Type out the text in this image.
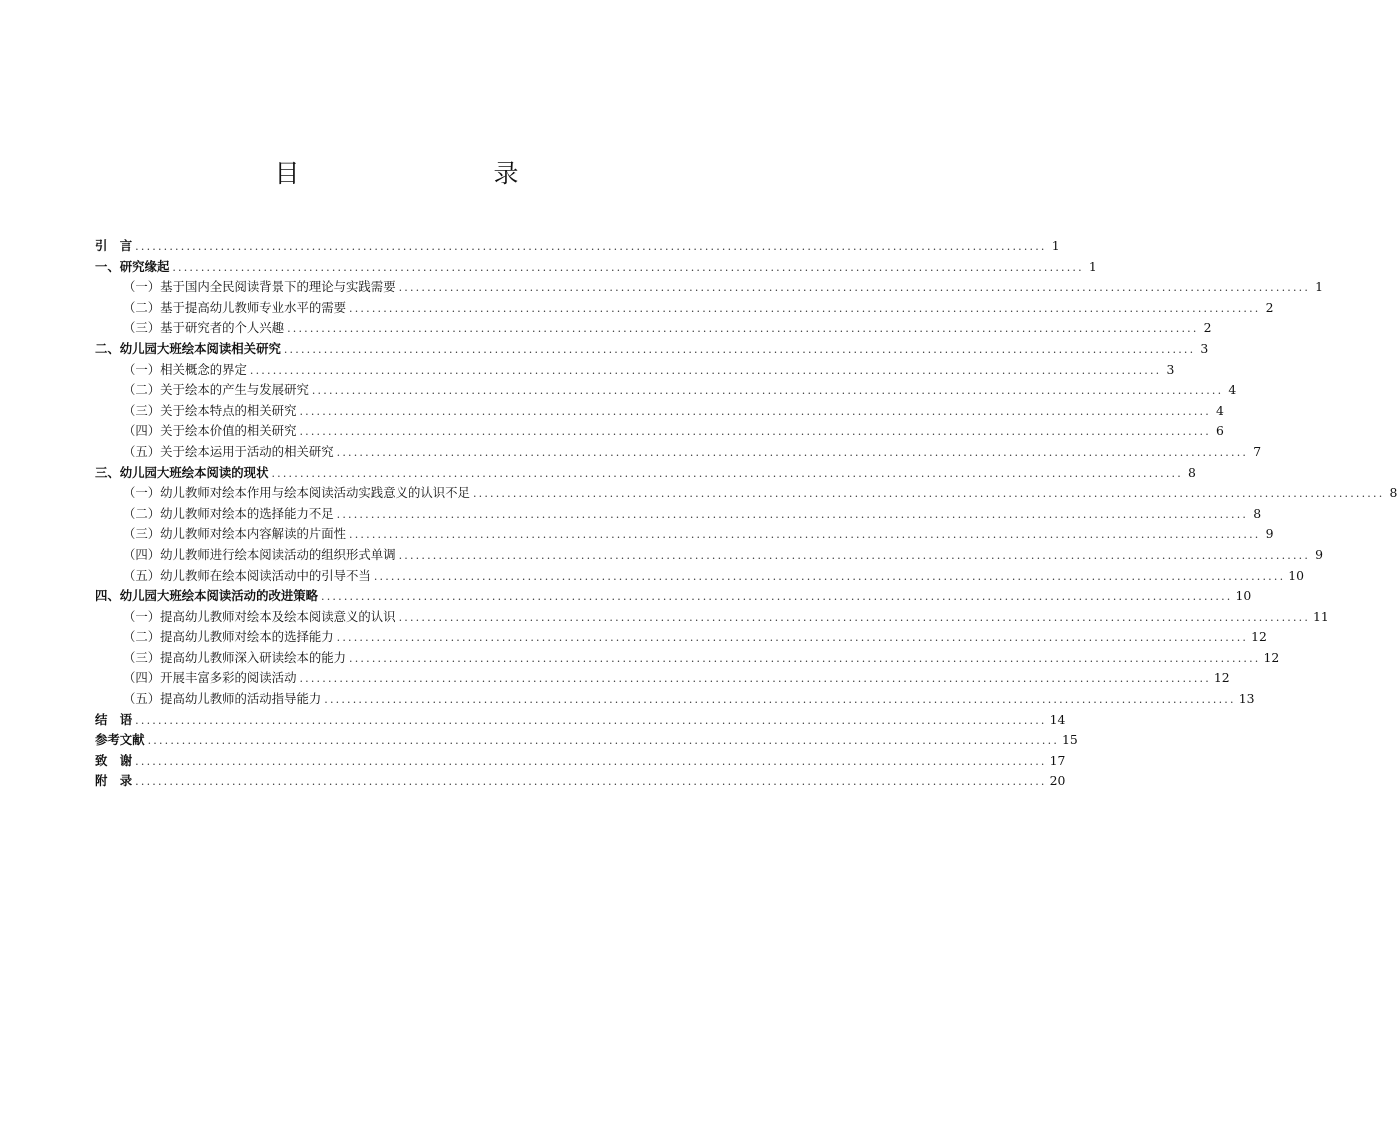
目　　录
引　言 ................................................................................................................................................................ 1
一、研究缘起 ................................................................................................................................................................ 1
（一）基于国内全民阅读背景下的理论与实践需要 ................................................................................................................................................................ 1
（二）基于提高幼儿教师专业水平的需要 ................................................................................................................................................................ 2
（三）基于研究者的个人兴趣 ................................................................................................................................................................ 2
二、幼儿园大班绘本阅读相关研究 ................................................................................................................................................................ 3
（一）相关概念的界定 ................................................................................................................................................................ 3
（二）关于绘本的产生与发展研究 ................................................................................................................................................................ 4
（三）关于绘本特点的相关研究 ................................................................................................................................................................ 4
（四）关于绘本价值的相关研究 ................................................................................................................................................................ 6
（五）关于绘本运用于活动的相关研究 ................................................................................................................................................................ 7
三、幼儿园大班绘本阅读的现状 ................................................................................................................................................................ 8
（一）幼儿教师对绘本作用与绘本阅读活动实践意义的认识不足 ................................................................................................................................................................ 8
（二）幼儿教师对绘本的选择能力不足 ................................................................................................................................................................ 8
（三）幼儿教师对绘本内容解读的片面性 ................................................................................................................................................................ 9
（四）幼儿教师进行绘本阅读活动的组织形式单调 ................................................................................................................................................................ 9
（五）幼儿教师在绘本阅读活动中的引导不当 ................................................................................................................................................................ 10
四、幼儿园大班绘本阅读活动的改进策略 ................................................................................................................................................................ 10
（一）提高幼儿教师对绘本及绘本阅读意义的认识 ................................................................................................................................................................ 11
（二）提高幼儿教师对绘本的选择能力 ................................................................................................................................................................ 12
（三）提高幼儿教师深入研读绘本的能力 ................................................................................................................................................................ 12
（四）开展丰富多彩的阅读活动 ................................................................................................................................................................ 12
（五）提高幼儿教师的活动指导能力 ................................................................................................................................................................ 13
结　语 ................................................................................................................................................................ 14
参考文献 ................................................................................................................................................................ 15
致　谢 ................................................................................................................................................................ 17
附　录 ................................................................................................................................................................ 20
